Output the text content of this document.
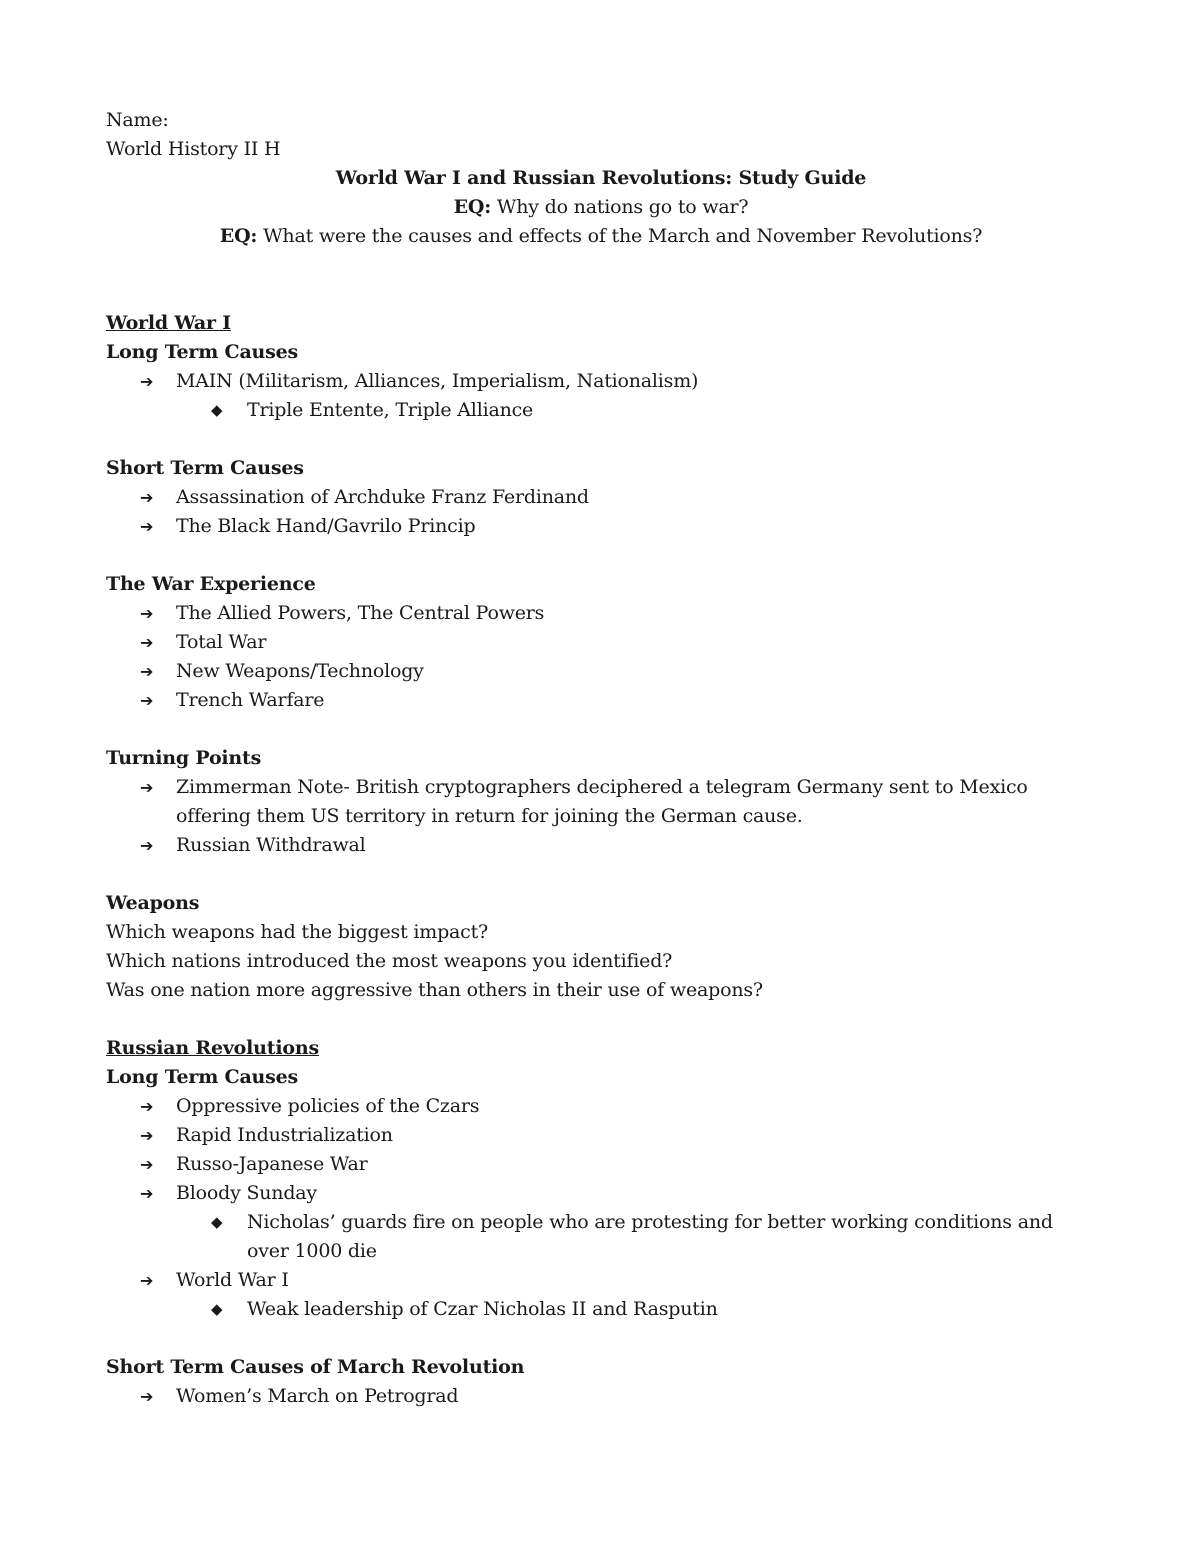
Name:

World History II H

World War I and Russian Revolutions: Study Guide

EQ: Why do nations go to war?

EQ: What were the causes and effects of the March and November Revolutions?

World War I

Long Term Causes

➔ MAIN (Militarism, Alliances, Imperialism, Nationalism)

◆ Triple Entente, Triple Alliance

Short Term Causes

➔ Assassination of Archduke Franz Ferdinand

➔ The Black Hand/Gavrilo Princip

The War Experience

➔ The Allied Powers, The Central Powers

➔ Total War

➔ New Weapons/Technology

➔ Trench Warfare

Turning Points

➔ Zimmerman Note- British cryptographers deciphered a telegram Germany sent to Mexico offering them US territory in return for joining the German cause.

➔ Russian Withdrawal

Weapons

Which weapons had the biggest impact?

Which nations introduced the most weapons you identified?

Was one nation more aggressive than others in their use of weapons?

Russian Revolutions

Long Term Causes

➔ Oppressive policies of the Czars

➔ Rapid Industrialization

➔ Russo-Japanese War

➔ Bloody Sunday

◆ Nicholas’ guards fire on people who are protesting for better working conditions and over 1000 die

➔ World War I

◆ Weak leadership of Czar Nicholas II and Rasputin

Short Term Causes of March Revolution

➔ Women’s March on Petrograd
